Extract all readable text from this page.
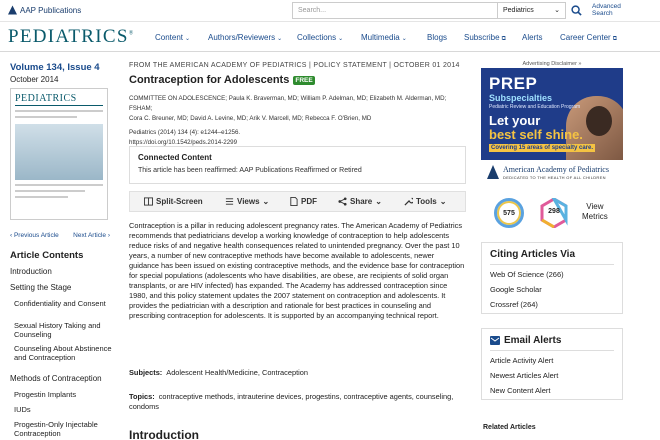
AAP Publications	Search...	Pediatrics	⌄
Advanced
Search
PEDIATRICS®	Content ⌄ Authors/Reviewers ⌄ Collections ⌄ Multimedia ⌄	Blogs Subscribe ⧉ Alerts Career Center ⧉
Volume 134, Issue 4
October 2014
PEDIATRICS
‹ Previous Article Next Article ›
Article Contents
Introduction
Setting the Stage
Confidentiality and Consent
Sexual History Taking and Counseling
Counseling About Abstinence and Contraception
Methods of Contraception
Progestin Implants
IUDs
Progestin-Only Injectable Contraception
FROM THE AMERICAN ACADEMY OF PEDIATRICS | POLICY STATEMENT | OCTOBER 01 2014
Contraception for Adolescents FREE
COMMITTEE ON ADOLESCENCE; Paula K. Braverman, MD; William P. Adelman, MD; Elizabeth M. Alderman, MD; FSHAM;
Cora C. Breuner, MD; David A. Levine, MD; Arik V. Marcell, MD; Rebecca F. O'Brien, MD
Pediatrics (2014) 134 (4): e1244–e1256.
https://doi.org/10.1542/peds.2014-2299
Connected Content
This article has been reaffirmed: AAP Publications Reaffirmed or Retired
Split-Screen	Views ⌄	PDF	Share ⌄	Tools ⌄
Contraception is a pillar in reducing adolescent pregnancy rates. The American Academy of Pediatrics recommends that pediatricians develop a working knowledge of contraception to help adolescents reduce risks of and negative health consequences related to unintended pregnancy. Over the past 10 years, a number of new contraceptive methods have become available to adolescents, newer guidance has been issued on existing contraceptive methods, and the evidence base for contraception for special populations (adolescents who have disabilities, are obese, are recipients of solid organ transplants, or are HIV infected) has expanded. The Academy has addressed contraception since 1980, and this policy statement updates the 2007 statement on contraception and adolescents. It provides the pediatrician with a description and rationale for best practices in counseling and prescribing contraception for adolescents. It is supported by an accompanying technical report.
Subjects: Adolescent Health/Medicine, Contraception
Topics: contraceptive methods, intrauterine devices, progestins, contraceptive agents, counseling, condoms
Introduction
Advertising Disclaimer »
PREP
Subspecialties
Pediatric Review and Education Program
Let your
best self shine.
Covering 15 areas of specialty care.
American Academy of Pediatrics
DEDICATED TO THE HEALTH OF ALL CHILDREN
575	298
View
Metrics
Citing Articles Via
Web Of Science (266)
Google Scholar
Crossref (264)
Email Alerts
Article Activity Alert
Newest Articles Alert
New Content Alert
Related Articles
